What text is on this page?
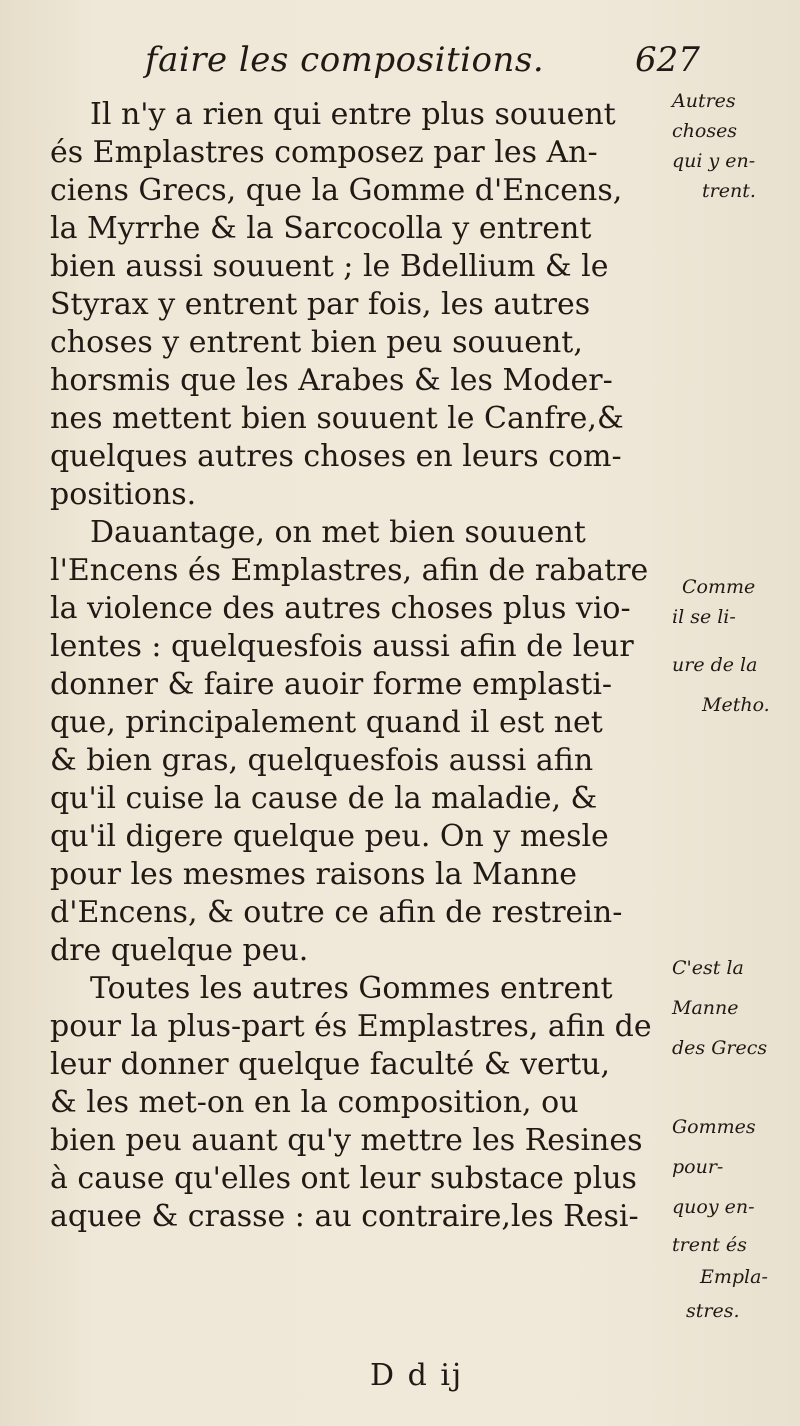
faire les compositions.	627
Il n'y a rien qui entre plus souuent
és Emplastres composez par les An-
ciens Grecs, que la Gomme d'Encens,
la Myrrhe & la Sarcocolla y entrent
bien aussi souuent ; le Bdellium & le
Styrax y entrent par fois, les autres
choses y entrent bien peu souuent,
horsmis que les Arabes & les Moder-
nes mettent bien souuent le Canfre,&
quelques autres choses en leurs com-
positions.
Dauantage, on met bien souuent
l'Encens és Emplastres, afin de rabatre
la violence des autres choses plus vio-
lentes : quelquesfois aussi afin de leur
donner & faire auoir forme emplasti-
que, principalement quand il est net
& bien gras, quelquesfois aussi afin
qu'il cuise la cause de la maladie, &
qu'il digere quelque peu. On y mesle
pour les mesmes raisons la Manne
d'Encens, & outre ce afin de restrein-
dre quelque peu.
Toutes les autres Gommes entrent
pour la plus-part és Emplastres, afin de
leur donner quelque faculté & vertu,
& les met-on en la composition, ou
bien peu auant qu'y mettre les Resines
à cause qu'elles ont leur substace plus
aquee & crasse : au contraire,les Resi-
Autres
choses
qui y en-
trent.
Comme
il se li-
ure de la
Metho.
C'est la
Manne
des Grecs
Gommes
pour-
quoy en-
trent és
Empla-
stres.
D d ij
